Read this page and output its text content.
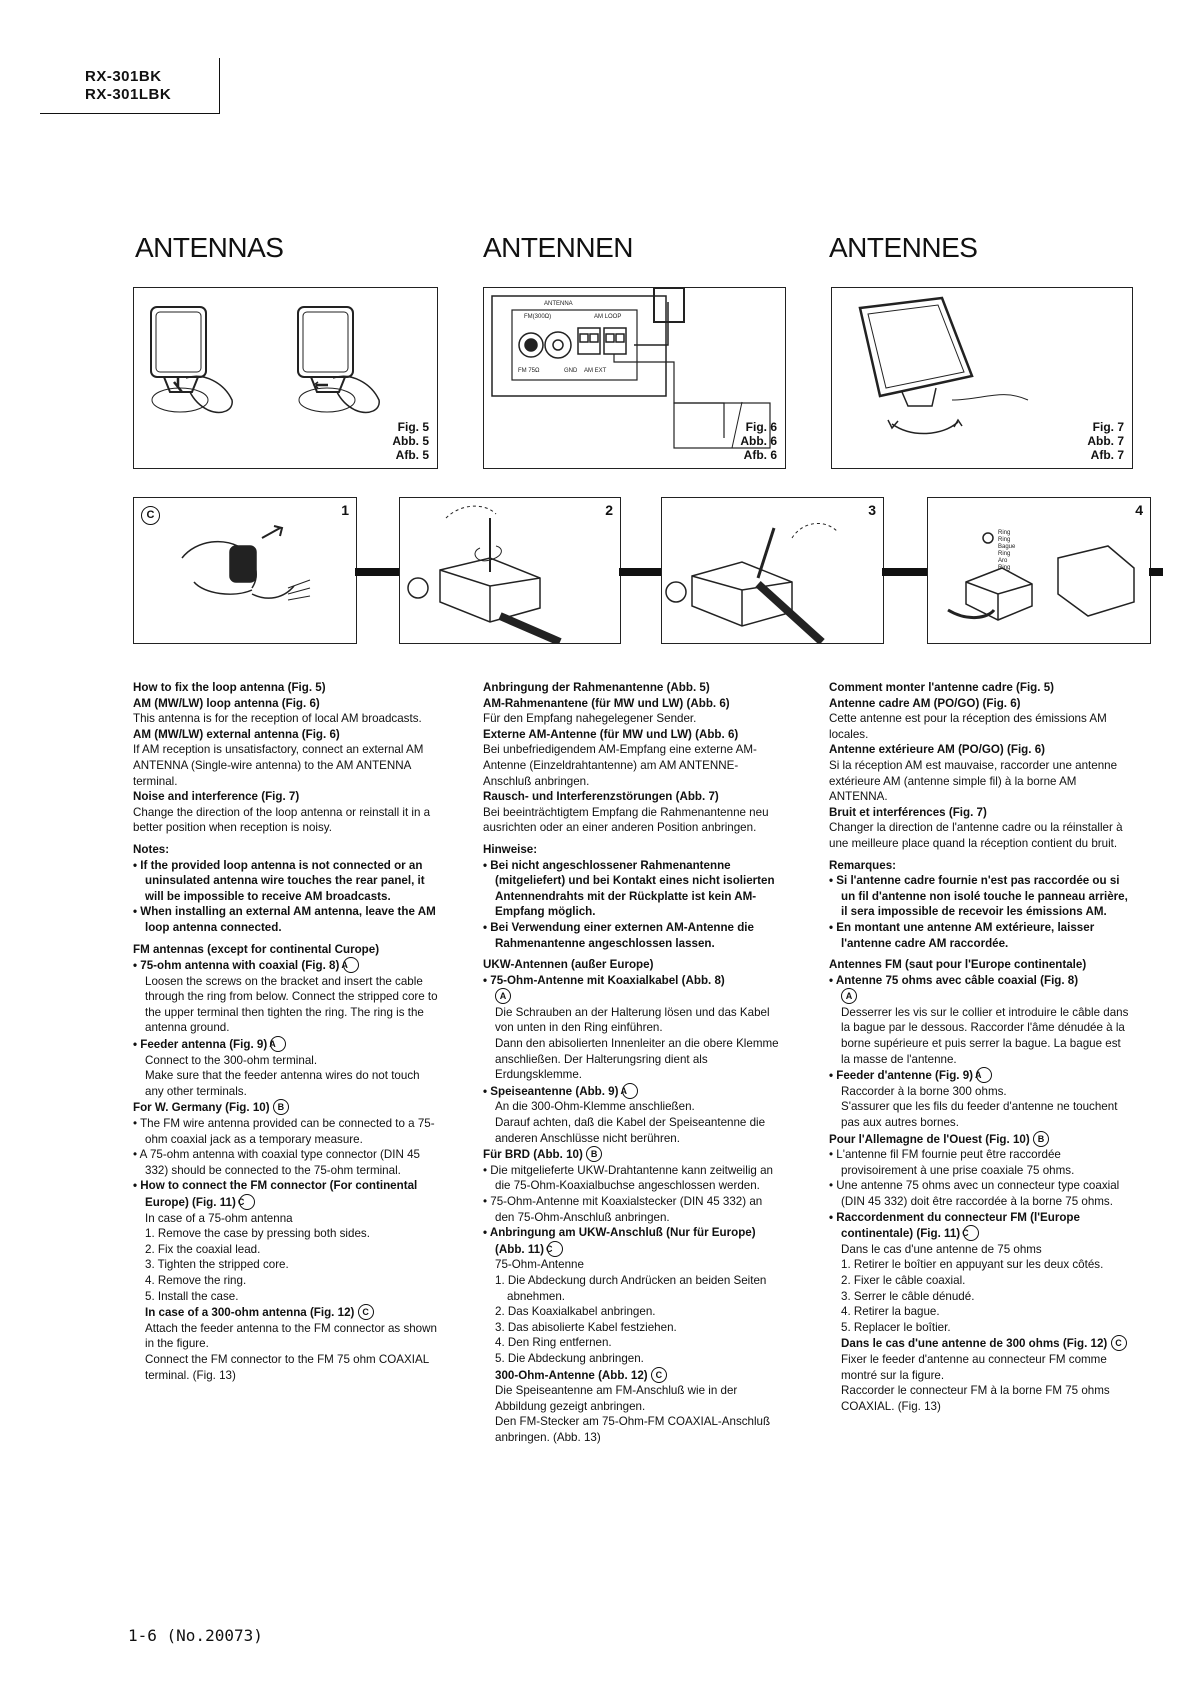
RX-301BK
RX-301LBK
ANTENNAS	ANTENNEN	ANTENNES
Fig. 5
Abb. 5
Afb. 5
ANTENNA
FM(300Ω)	AM LOOP
FM 75Ω	GND AM EXT
Fig. 6
Abb. 6
Afb. 6
Fig. 7
Abb. 7
Afb. 7
C	1	2	3	4
Ring
Ring
Bague
Ring
Aro
Ring

How to fix the loop antenna (Fig. 5)

AM (MW/LW) loop antenna (Fig. 6)

This antenna is for the reception of local AM broadcasts.

AM (MW/LW) external antenna (Fig. 6)

If AM reception is unsatisfactory, connect an external AM ANTENNA (Single-wire antenna) to the AM ANTENNA terminal.

Noise and interference (Fig. 7)

Change the direction of the loop antenna or reinstall it in a better position when reception is noisy.

Notes:

• If the provided loop antenna is not connected or an uninsulated antenna wire touches the rear panel, it will be impossible to receive AM broadcasts.

• When installing an external AM antenna, leave the AM loop antenna connected.

FM antennas (except for continental Curope)

• 75-ohm antenna with coaxial (Fig. 8) A

Loosen the screws on the bracket and insert the cable through the ring from below. Connect the stripped core to the upper terminal then tighten the ring. The ring is the antenna ground.

• Feeder antenna (Fig. 9) A

Connect to the 300-ohm terminal.

Make sure that the feeder antenna wires do not touch any other terminals.

For W. Germany (Fig. 10) B

• The FM wire antenna provided can be connected to a 75-ohm coaxial jack as a temporary measure.

• A 75-ohm antenna with coaxial type connector (DIN 45 332) should be connected to the 75-ohm terminal.

• How to connect the FM connector (For continental Europe) (Fig. 11) C

In case of a 75-ohm antenna

1. Remove the case by pressing both sides.

2. Fix the coaxial lead.

3. Tighten the stripped core.

4. Remove the ring.

5. Install the case.

In case of a 300-ohm antenna (Fig. 12) C

Attach the feeder antenna to the FM connector as shown in the figure.

Connect the FM connector to the FM 75 ohm COAXIAL terminal. (Fig. 13)

Anbringung der Rahmenantenne (Abb. 5)

AM-Rahmenantene (für MW und LW) (Abb. 6)

Für den Empfang nahegelegener Sender.

Externe AM-Antenne (für MW und LW) (Abb. 6)

Bei unbefriedigendem AM-Empfang eine externe AM-Antenne (Einzeldrahtantenne) am AM ANTENNE-Anschluß anbringen.

Rausch- und Interferenzstörungen (Abb. 7)

Bei beeinträchtigtem Empfang die Rahmenantenne neu ausrichten oder an einer anderen Position anbringen.

Hinweise:

• Bei nicht angeschlossener Rahmenantenne (mitgeliefert) und bei Kontakt eines nicht isolierten Antennendrahts mit der Rückplatte ist kein AM-Empfang möglich.

• Bei Verwendung einer externen AM-Antenne die Rahmenantenne angeschlossen lassen.

UKW-Antennen (außer Europe)

• 75-Ohm-Antenne mit Koaxialkabel (Abb. 8)

A

Die Schrauben an der Halterung lösen und das Kabel von unten in den Ring einführen.

Dann den abisolierten Innenleiter an die obere Klemme anschließen. Der Halterungsring dient als Erdungsklemme.

• Speiseantenne (Abb. 9) A

An die 300-Ohm-Klemme anschließen.

Darauf achten, daß die Kabel der Speiseantenne die anderen Anschlüsse nicht berühren.

Für BRD (Abb. 10) B

• Die mitgelieferte UKW-Drahtantenne kann zeitweilig an die 75-Ohm-Koaxialbuchse angeschlossen werden.

• 75-Ohm-Antenne mit Koaxialstecker (DIN 45 332) an den 75-Ohm-Anschluß anbringen.

• Anbringung am UKW-Anschluß (Nur für Europe) (Abb. 11) C

75-Ohm-Antenne

1. Die Abdeckung durch Andrücken an beiden Seiten abnehmen.

2. Das Koaxialkabel anbringen.

3. Das abisolierte Kabel festziehen.

4. Den Ring entfernen.

5. Die Abdeckung anbringen.

300-Ohm-Antenne (Abb. 12) C

Die Speiseantenne am FM-Anschluß wie in der Abbildung gezeigt anbringen.

Den FM-Stecker am 75-Ohm-FM COAXIAL-Anschluß anbringen. (Abb. 13)

Comment monter l'antenne cadre (Fig. 5)

Antenne cadre AM (PO/GO) (Fig. 6)

Cette antenne est pour la réception des émissions AM locales.

Antenne extérieure AM (PO/GO) (Fig. 6)

Si la réception AM est mauvaise, raccorder une antenne extérieure AM (antenne simple fil) à la borne AM ANTENNA.

Bruit et interférences (Fig. 7)

Changer la direction de l'antenne cadre ou la réinstaller à une meilleure place quand la réception contient du bruit.

Remarques:

• Si l'antenne cadre fournie n'est pas raccordée ou si un fil d'antenne non isolé touche le panneau arrière, il sera impossible de recevoir les émissions AM.

• En montant une antenne AM extérieure, laisser l'antenne cadre AM raccordée.

Antennes FM (saut pour l'Europe continentale)

• Antenne 75 ohms avec câble coaxial (Fig. 8)

A

Desserrer les vis sur le collier et introduire le câble dans la bague par le dessous. Raccorder l'âme dénudée à la borne supérieure et puis serrer la bague. La bague est la masse de l'antenne.

• Feeder d'antenne (Fig. 9) A

Raccorder à la borne 300 ohms.

S'assurer que les fils du feeder d'antenne ne touchent pas aux autres bornes.

Pour l'Allemagne de l'Ouest (Fig. 10) B

• L'antenne fil FM fournie peut être raccordée provisoirement à une prise coaxiale 75 ohms.

• Une antenne 75 ohms avec un connecteur type coaxial (DIN 45 332) doit être raccordée à la borne 75 ohms.

• Raccordenment du connecteur FM (l'Europe continentale) (Fig. 11) C

Dans le cas d'une antenne de 75 ohms

1. Retirer le boîtier en appuyant sur les deux côtés.

2. Fixer le câble coaxial.

3. Serrer le câble dénudé.

4. Retirer la bague.

5. Replacer le boîtier.

Dans le cas d'une antenne de 300 ohms (Fig. 12) C

Fixer le feeder d'antenne au connecteur FM comme montré sur la figure.

Raccorder le connecteur FM à la borne FM 75 ohms COAXIAL. (Fig. 13)

1-6 (No.20073)
